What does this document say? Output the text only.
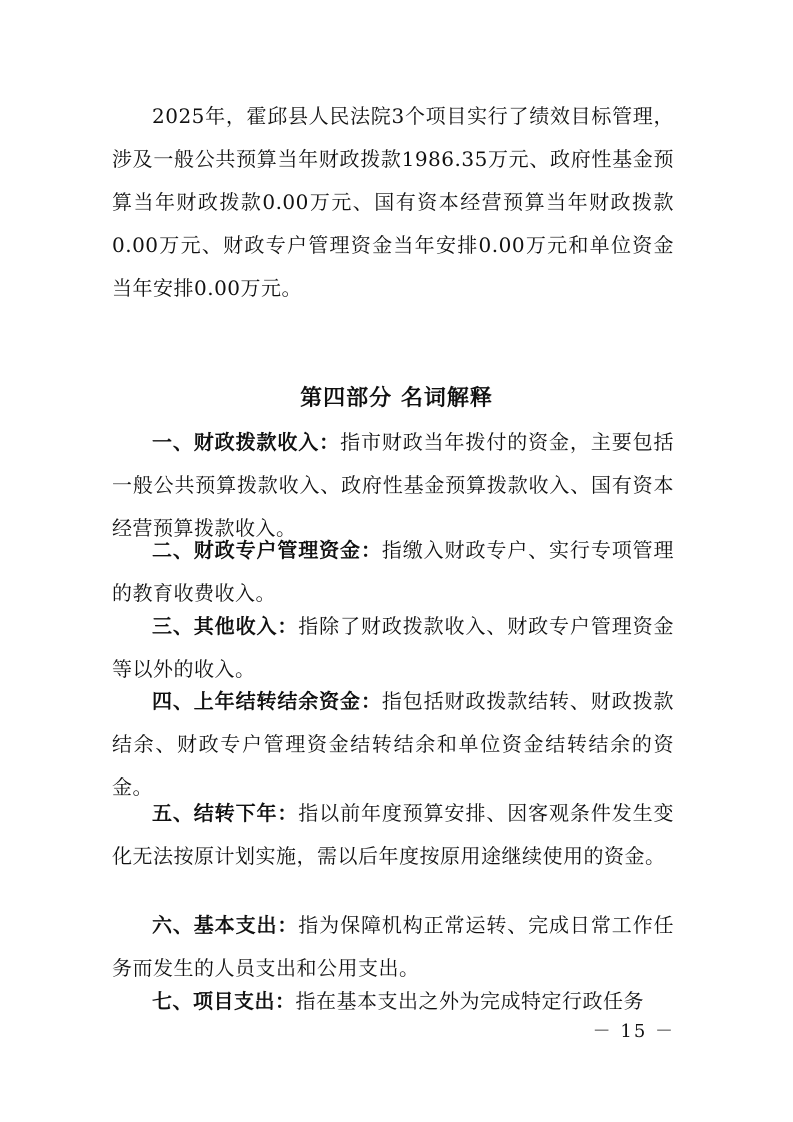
2025年，霍邱县人民法院3个项目实行了绩效目标管理，涉及一般公共预算当年财政拨款1986.35万元、政府性基金预算当年财政拨款0.00万元、国有资本经营预算当年财政拨款0.00万元、财政专户管理资金当年安排0.00万元和单位资金当年安排0.00万元。

第四部分 名词解释

一、财政拨款收入：指市财政当年拨付的资金，主要包括一般公共预算拨款收入、政府性基金预算拨款收入、国有资本经营预算拨款收入。

二、财政专户管理资金：指缴入财政专户、实行专项管理的教育收费收入。

三、其他收入：指除了财政拨款收入、财政专户管理资金等以外的收入。

四、上年结转结余资金：指包括财政拨款结转、财政拨款结余、财政专户管理资金结转结余和单位资金结转结余的资金。

五、结转下年：指以前年度预算安排、因客观条件发生变化无法按原计划实施，需以后年度按原用途继续使用的资金。

六、基本支出：指为保障机构正常运转、完成日常工作任务而发生的人员支出和公用支出。

七、项目支出：指在基本支出之外为完成特定行政任务

－ 15 －
